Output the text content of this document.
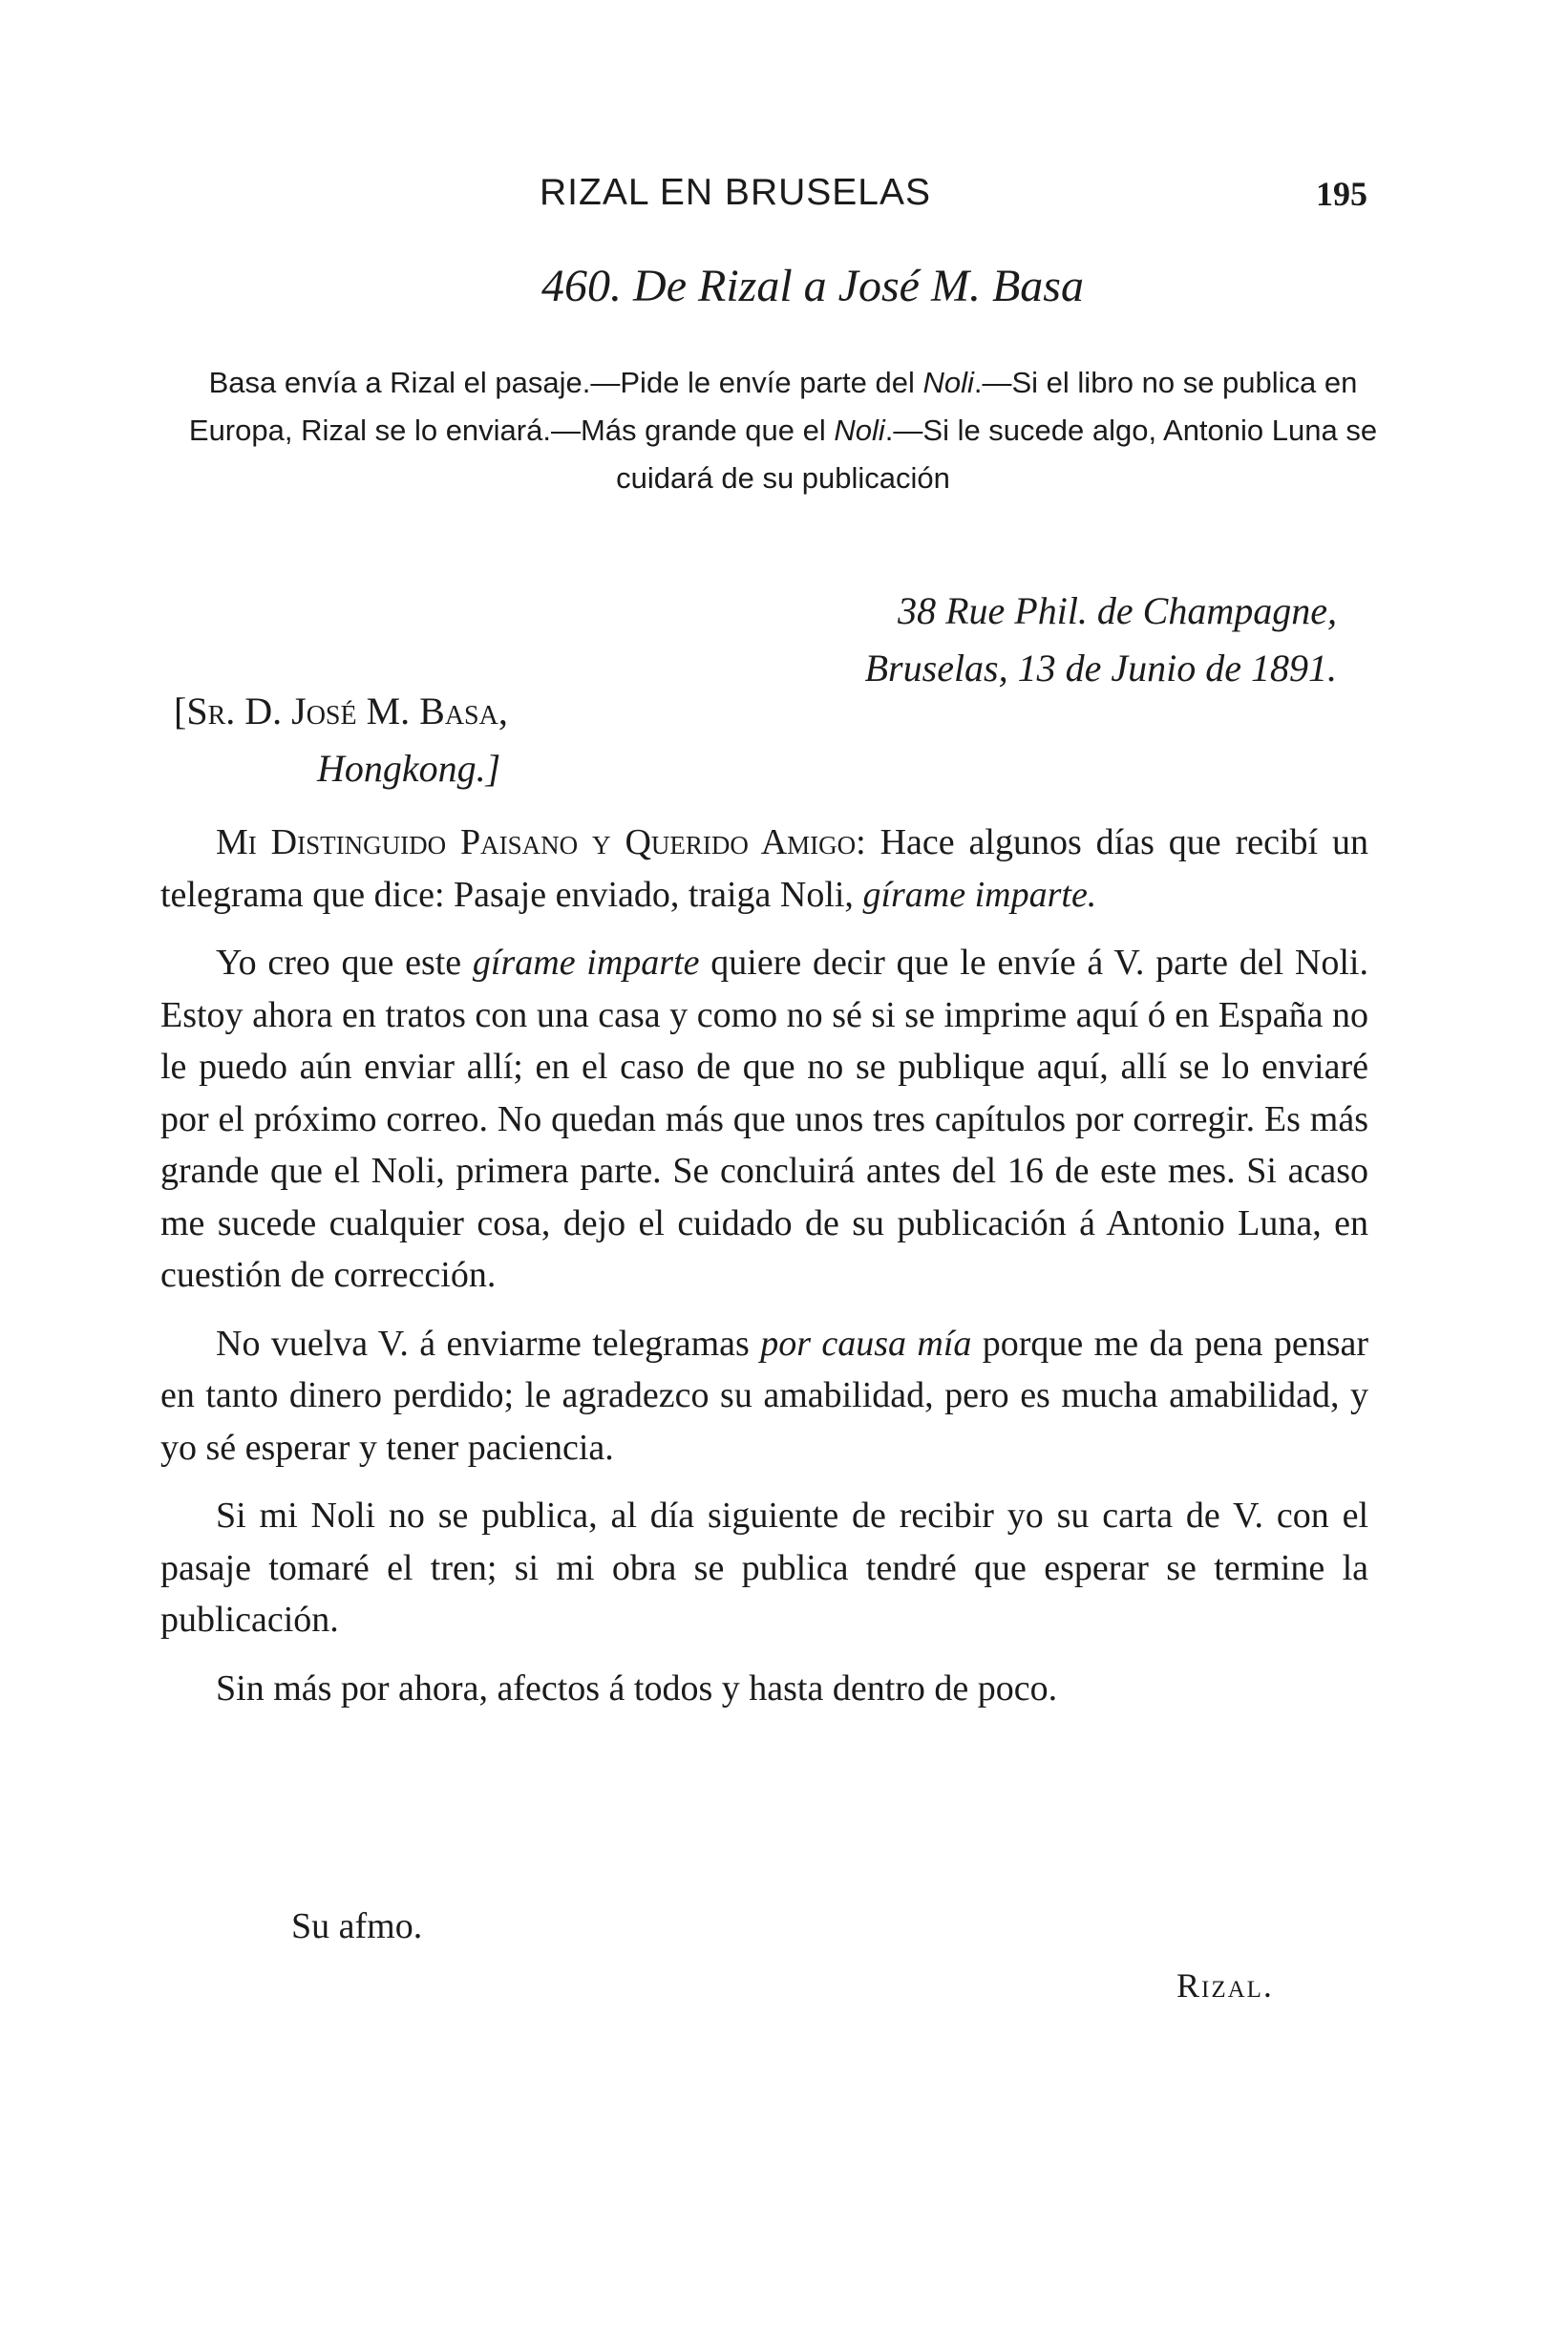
RIZAL EN BRUSELAS	195
460. De Rizal a José M. Basa
Basa envía a Rizal el pasaje.—Pide le envíe parte del Noli.—Si el libro no se publica en Europa, Rizal se lo enviará.—Más grande que el Noli.—Si le sucede algo, Antonio Luna se cuidará de su publicación
38 Rue Phil. de Champagne,
Bruselas, 13 de Junio de 1891.
[Sr. D. José M. Basa,
Hongkong.]

Mi Distinguido Paisano y Querido Amigo: Hace algunos días que recibí un telegrama que dice: Pasaje enviado, traiga Noli, gírame imparte.

Yo creo que este gírame imparte quiere decir que le envíe á V. parte del Noli. Estoy ahora en tratos con una casa y como no sé si se imprime aquí ó en España no le puedo aún enviar allí; en el caso de que no se publique aquí, allí se lo enviaré por el próximo correo. No quedan más que unos tres capítulos por corregir. Es más grande que el Noli, primera parte. Se concluirá antes del 16 de este mes. Si acaso me sucede cualquier cosa, dejo el cuidado de su publicación á Antonio Luna, en cuestión de corrección.

No vuelva V. á enviarme telegramas por causa mía porque me da pena pensar en tanto dinero perdido; le agradezco su amabilidad, pero es mucha amabilidad, y yo sé esperar y tener paciencia.

Si mi Noli no se publica, al día siguiente de recibir yo su carta de V. con el pasaje tomaré el tren; si mi obra se publica tendré que esperar se termine la publicación.

Sin más por ahora, afectos á todos y hasta dentro de poco.

Su afmo.
Rizal.
